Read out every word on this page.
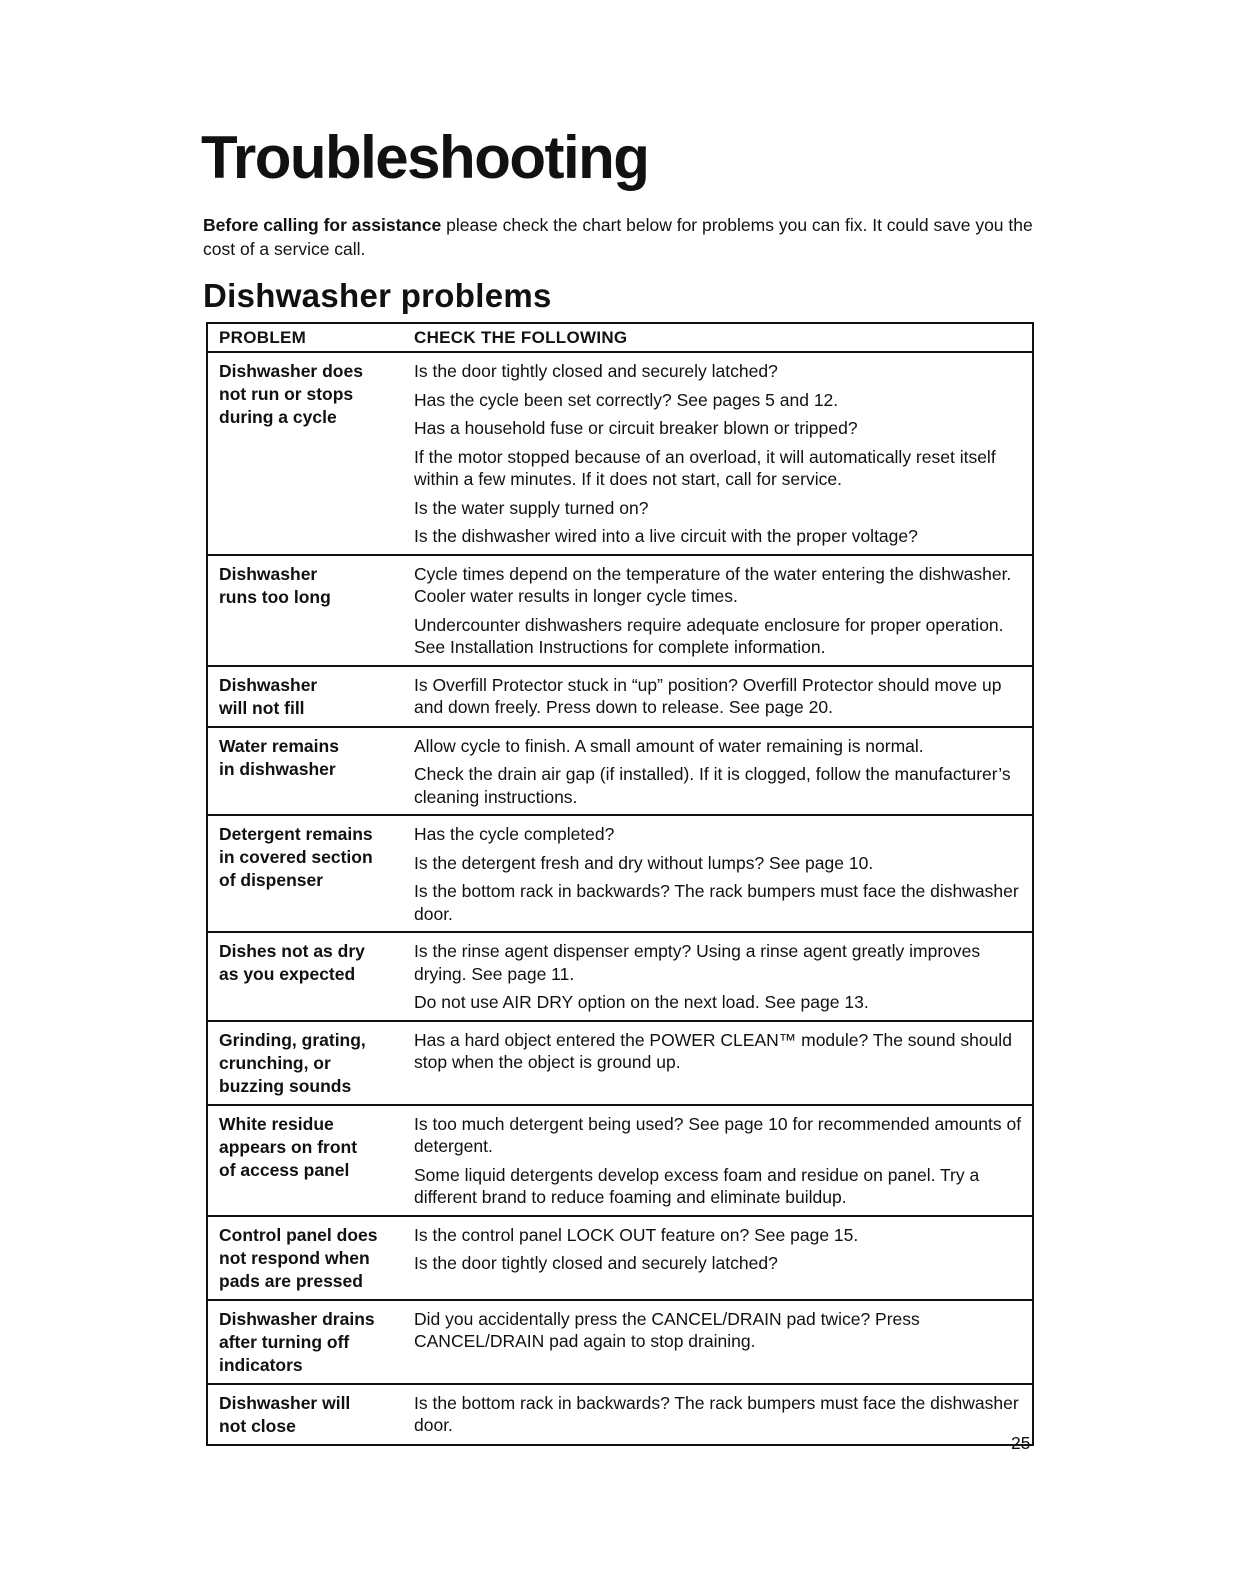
Troubleshooting

Before calling for assistance please check the chart below for problems you can fix. It could save you the cost of a service call.

Dishwasher problems
PROBLEM	CHECK THE FOLLOWING
Dishwasher does
not run or stops
during a cycle
Is the door tightly closed and securely latched?
Has the cycle been set correctly? See pages 5 and 12.
Has a household fuse or circuit breaker blown or tripped?
If the motor stopped because of an overload, it will automatically reset itself within a few minutes. If it does not start, call for service.
Is the water supply turned on?
Is the dishwasher wired into a live circuit with the proper voltage?
Dishwasher
runs too long
Cycle times depend on the temperature of the water entering the dishwasher. Cooler water results in longer cycle times.
Undercounter dishwashers require adequate enclosure for proper operation. See Installation Instructions for complete information.
Dishwasher
will not fill
Is Overfill Protector stuck in “up” position? Overfill Protector should move up and down freely. Press down to release. See page 20.
Water remains
in dishwasher
Allow cycle to finish. A small amount of water remaining is normal.
Check the drain air gap (if installed). If it is clogged, follow the manufacturer’s cleaning instructions.
Detergent remains
in covered section
of dispenser
Has the cycle completed?
Is the detergent fresh and dry without lumps? See page 10.
Is the bottom rack in backwards? The rack bumpers must face the dishwasher door.
Dishes not as dry
as you expected
Is the rinse agent dispenser empty? Using a rinse agent greatly improves drying. See page 11.
Do not use AIR DRY option on the next load. See page 13.
Grinding, grating,
crunching, or
buzzing sounds
Has a hard object entered the POWER CLEAN™ module? The sound should stop when the object is ground up.
White residue
appears on front
of access panel
Is too much detergent being used? See page 10 for recommended amounts of detergent.
Some liquid detergents develop excess foam and residue on panel. Try a different brand to reduce foaming and eliminate buildup.
Control panel does
not respond when
pads are pressed
Is the control panel LOCK OUT feature on? See page 15.
Is the door tightly closed and securely latched?
Dishwasher drains
after turning off
indicators
Did you accidentally press the CANCEL/DRAIN pad twice? Press CANCEL/DRAIN pad again to stop draining.
Dishwasher will
not close
Is the bottom rack in backwards? The rack bumpers must face the dishwasher door.
25
